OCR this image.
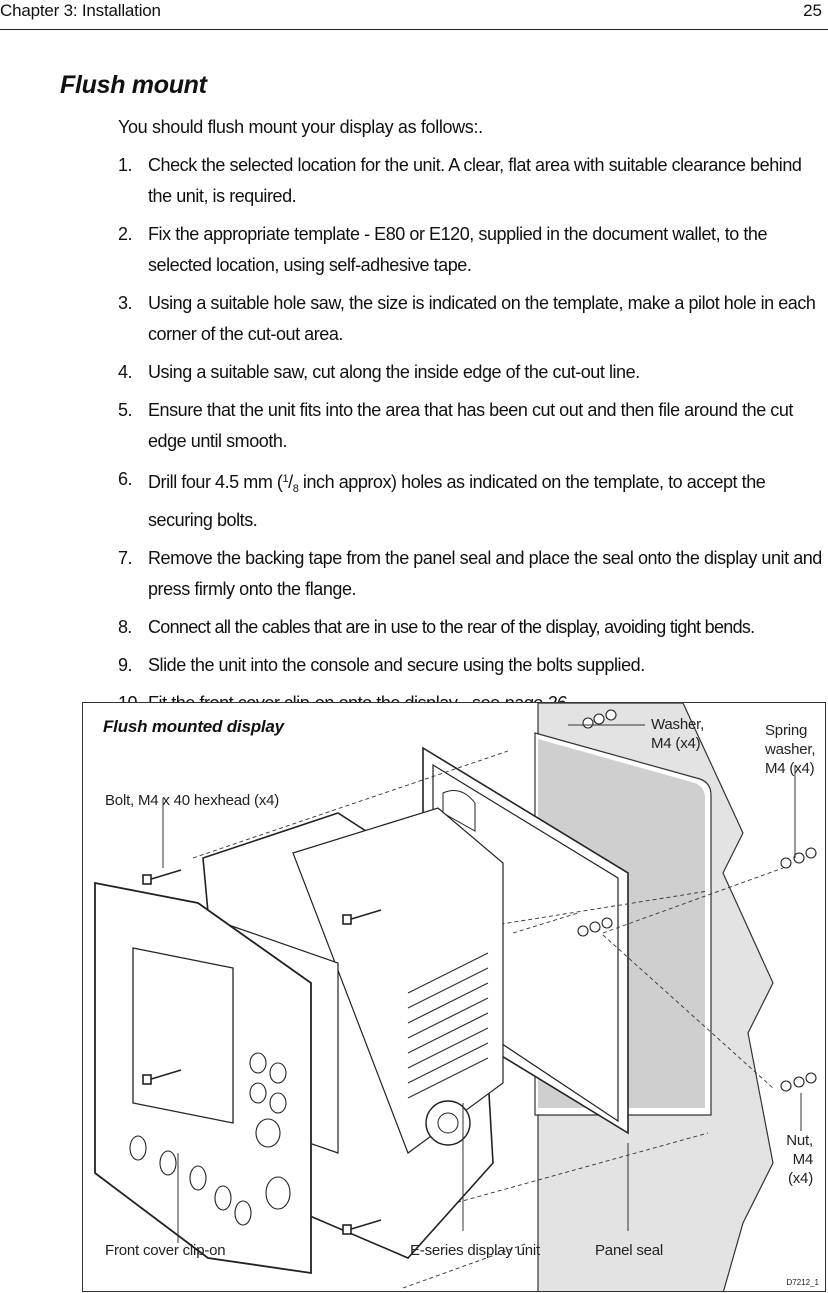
Chapter 3: Installation	25
Flush mount

You should flush mount your display as follows:.

1. Check the selected location for the unit. A clear, flat area with suitable clearance behind the unit, is required.
2. Fix the appropriate template - E80 or E120, supplied in the document wallet, to the selected location, using self-adhesive tape.
3. Using a suitable hole saw, the size is indicated on the template, make a pilot hole in each corner of the cut-out area.
4. Using a suitable saw, cut along the inside edge of the cut-out line.
5. Ensure that the unit fits into the area that has been cut out and then file around the cut edge until smooth.
6. Drill four 4.5 mm ($^1/_8$ inch approx) holes as indicated on the template, to accept the securing bolts.
7. Remove the backing tape from the panel seal and place the seal onto the display unit and press firmly onto the flange.
8. Connect all the cables that are in use to the rear of the display, avoiding tight bends.
9. Slide the unit into the console and secure using the bolts supplied.
Flush mounted display	Washer,
M4 (x4)
Spring
washer,
M4 (x4)
Bolt, M4 x 40 hexhead (x4)
Nut,
M4 (x4)
Front cover clip-on	E-series display unit	Panel seal
D7212_1
